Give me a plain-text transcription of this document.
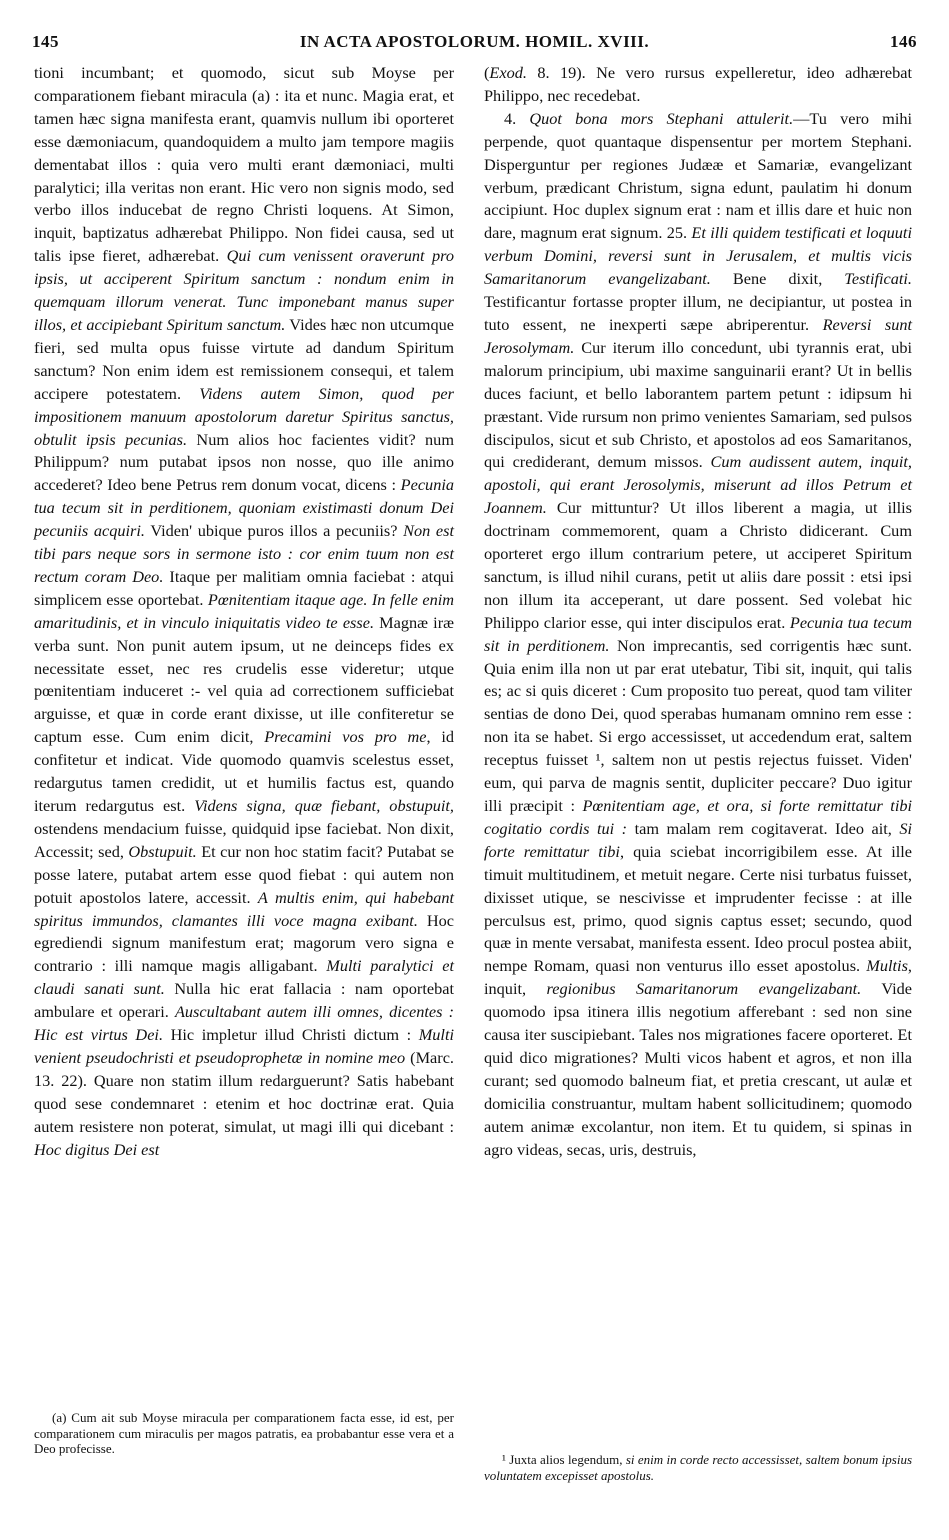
145	IN ACTA APOSTOLORUM. HOMIL. XVIII.	146

tioni incumbant; et quomodo, sicut sub Moyse per comparationem fiebant miracula (a) : ita et nunc. Magia erat, et tamen hæc signa manifesta erant, quamvis nullum ibi oporteret esse dæmoniacum, quandoquidem a multo jam tempore magiis dementabat illos : quia vero multi erant dæmoniaci, multi paralytici; illa veritas non erant. Hic vero non signis modo, sed verbo illos inducebat de regno Christi loquens. At Simon, inquit, baptizatus adhærebat Philippo. Non fidei causa, sed ut talis ipse fieret, adhærebat. Qui cum venissent oraverunt pro ipsis, ut acciperent Spiritum sanctum : nondum enim in quemquam illorum venerat. Tunc imponebant manus super illos, et accipiebant Spiritum sanctum. Vides hæc non utcumque fieri, sed multa opus fuisse virtute ad dandum Spiritum sanctum? Non enim idem est remissionem consequi, et talem accipere potestatem. Videns autem Simon, quod per impositionem manuum apostolorum daretur Spiritus sanctus, obtulit ipsis pecunias. Num alios hoc facientes vidit? num Philippum? num putabat ipsos non nosse, quo ille animo accederet? Ideo bene Petrus rem donum vocat, dicens : Pecunia tua tecum sit in perditionem, quoniam existimasti donum Dei pecuniis acquiri. Viden' ubique puros illos a pecuniis? Non est tibi pars neque sors in sermone isto : cor enim tuum non est rectum coram Deo. Itaque per malitiam omnia faciebat : atqui simplicem esse oportebat. Pœnitentiam itaque age. In felle enim amaritudinis, et in vinculo iniquitatis video te esse. Magnæ iræ verba sunt. Non punit autem ipsum, ut ne deinceps fides ex necessitate esset, nec res crudelis esse videretur; utque pœnitentiam induceret :- vel quia ad correctionem sufficiebat arguisse, et quæ in corde erant dixisse, ut ille confiteretur se captum esse. Cum enim dicit, Precamini vos pro me, id confitetur et indicat. Vide quomodo quamvis scelestus esset, redargutus tamen credidit, ut et humilis factus est, quando iterum redargutus est. Videns signa, quæ fiebant, obstupuit, ostendens mendacium fuisse, quidquid ipse faciebat. Non dixit, Accessit; sed, Obstupuit. Et cur non hoc statim facit? Putabat se posse latere, putabat artem esse quod fiebat : qui autem non potuit apostolos latere, accessit. A multis enim, qui habebant spiritus immundos, clamantes illi voce magna exibant. Hoc egrediendi signum manifestum erat; magorum vero signa e contrario : illi namque magis alligabant. Multi paralytici et claudi sanati sunt. Nulla hic erat fallacia : nam oportebat ambulare et operari. Auscultabant autem illi omnes, dicentes : Hic est virtus Dei. Hic impletur illud Christi dictum : Multi venient pseudochristi et pseudoprophetæ in nomine meo (Marc. 13. 22). Quare non statim illum redarguerunt? Satis habebant quod sese condemnaret : etenim et hoc doctrinæ erat. Quia autem resistere non poterat, simulat, ut magi illi qui dicebant : Hoc digitus Dei est

(Exod. 8. 19). Ne vero rursus expelleretur, ideo adhærebat Philippo, nec recedebat.

4. Quot bona mors Stephani attulerit.—Tu vero mihi perpende, quot quantaque dispensentur per mortem Stephani. Disperguntur per regiones Judææ et Samariæ, evangelizant verbum, prædicant Christum, signa edunt, paulatim hi donum accipiunt. Hoc duplex signum erat : nam et illis dare et huic non dare, magnum erat signum. 25. Et illi quidem testificati et loquuti verbum Domini, reversi sunt in Jerusalem, et multis vicis Samaritanorum evangelizabant. Bene dixit, Testificati. Testificantur fortasse propter illum, ne decipiantur, ut postea in tuto essent, ne inexperti sæpe abriperentur. Reversi sunt Jerosolymam. Cur iterum illo concedunt, ubi tyrannis erat, ubi malorum principium, ubi maxime sanguinarii erant? Ut in bellis duces faciunt, et bello laborantem partem petunt : idipsum hi præstant. Vide rursum non primo venientes Samariam, sed pulsos discipulos, sicut et sub Christo, et apostolos ad eos Samaritanos, qui crediderant, demum missos. Cum audissent autem, inquit, apostoli, qui erant Jerosolymis, miserunt ad illos Petrum et Joannem. Cur mittuntur? Ut illos liberent a magia, ut illis doctrinam commemorent, quam a Christo didicerant. Cum oporteret ergo illum contrarium petere, ut acciperet Spiritum sanctum, is illud nihil curans, petit ut aliis dare possit : etsi ipsi non illum ita acceperant, ut dare possent. Sed volebat hic Philippo clarior esse, qui inter discipulos erat. Pecunia tua tecum sit in perditionem. Non imprecantis, sed corrigentis hæc sunt. Quia enim illa non ut par erat utebatur, Tibi sit, inquit, qui talis es; ac si quis diceret : Cum proposito tuo pereat, quod tam viliter sentias de dono Dei, quod sperabas humanam omnino rem esse : non ita se habet. Si ergo accessisset, ut accedendum erat, saltem receptus fuisset ¹, saltem non ut pestis rejectus fuisset. Viden' eum, qui parva de magnis sentit, dupliciter peccare? Duo igitur illi præcipit : Pœnitentiam age, et ora, si forte remittatur tibi cogitatio cordis tui : tam malam rem cogitaverat. Ideo ait, Si forte remittatur tibi, quia sciebat incorrigibilem esse. At ille timuit multitudinem, et metuit negare. Certe nisi turbatus fuisset, dixisset utique, se nescivisse et imprudenter fecisse : at ille perculsus est, primo, quod signis captus esset; secundo, quod quæ in mente versabat, manifesta essent. Ideo procul postea abiit, nempe Romam, quasi non venturus illo esset apostolus. Multis, inquit, regionibus Samaritanorum evangelizabant. Vide quomodo ipsa itinera illis negotium afferebant : sed non sine causa iter suscipiebant. Tales nos migrationes facere oporteret. Et quid dico migrationes? Multi vicos habent et agros, et non illa curant; sed quomodo balneum fiat, et pretia crescant, ut aulæ et domicilia construantur, multam habent sollicitudinem; quomodo autem animæ excolantur, non item. Et tu quidem, si spinas in agro videas, secas, uris, destruis,

(a) Cum ait sub Moyse miracula per comparationem facta esse, id est, per comparationem cum miraculis per magos patratis, ea probabantur esse vera et a Deo profecisse.

¹ Juxta alios legendum, si enim in corde recto accessisset, saltem bonum ipsius voluntatem excepisset apostolus.
